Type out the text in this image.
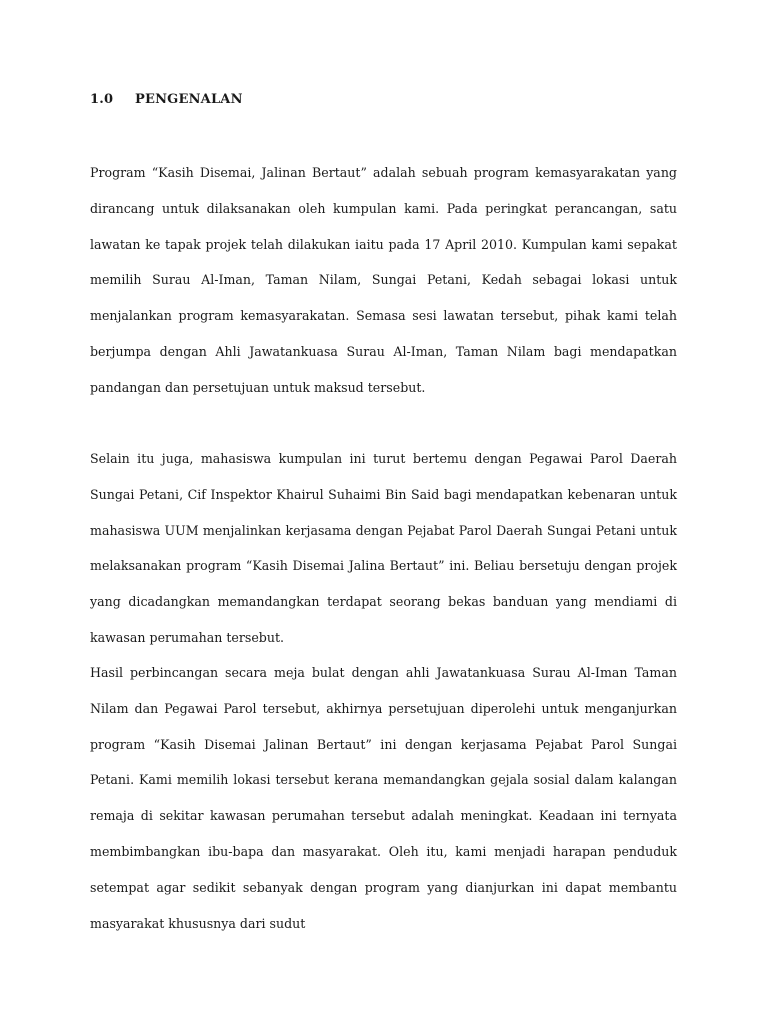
1.0 PENGENALAN

Program “Kasih Disemai, Jalinan Bertaut” adalah sebuah program kemasyarakatan yang dirancang untuk dilaksanakan oleh kumpulan kami. Pada peringkat perancangan, satu lawatan ke tapak projek telah dilakukan iaitu pada 17 April 2010. Kumpulan kami sepakat memilih Surau Al-Iman, Taman Nilam, Sungai Petani, Kedah sebagai lokasi untuk menjalankan program kemasyarakatan. Semasa sesi lawatan tersebut, pihak kami telah berjumpa dengan Ahli Jawatankuasa Surau Al-Iman, Taman Nilam bagi mendapatkan pandangan dan persetujuan untuk maksud tersebut.

Selain itu juga, mahasiswa kumpulan ini turut bertemu dengan Pegawai Parol Daerah Sungai Petani, Cif Inspektor Khairul Suhaimi Bin Said bagi mendapatkan kebenaran untuk mahasiswa UUM menjalinkan kerjasama dengan Pejabat Parol Daerah Sungai Petani untuk melaksanakan program “Kasih Disemai Jalina Bertaut” ini. Beliau bersetuju dengan projek yang dicadangkan memandangkan terdapat seorang bekas banduan yang mendiami di kawasan perumahan tersebut.

Hasil perbincangan secara meja bulat dengan ahli Jawatankuasa Surau Al-Iman Taman Nilam dan Pegawai Parol tersebut, akhirnya persetujuan diperolehi untuk menganjurkan program “Kasih Disemai Jalinan Bertaut” ini dengan kerjasama Pejabat Parol Sungai Petani. Kami memilih lokasi tersebut kerana memandangkan gejala sosial dalam kalangan remaja di sekitar kawasan perumahan tersebut adalah meningkat. Keadaan ini ternyata membimbangkan ibu-bapa dan masyarakat. Oleh itu, kami menjadi harapan penduduk setempat agar sedikit sebanyak dengan program yang dianjurkan ini dapat membantu masyarakat khususnya dari sudut
